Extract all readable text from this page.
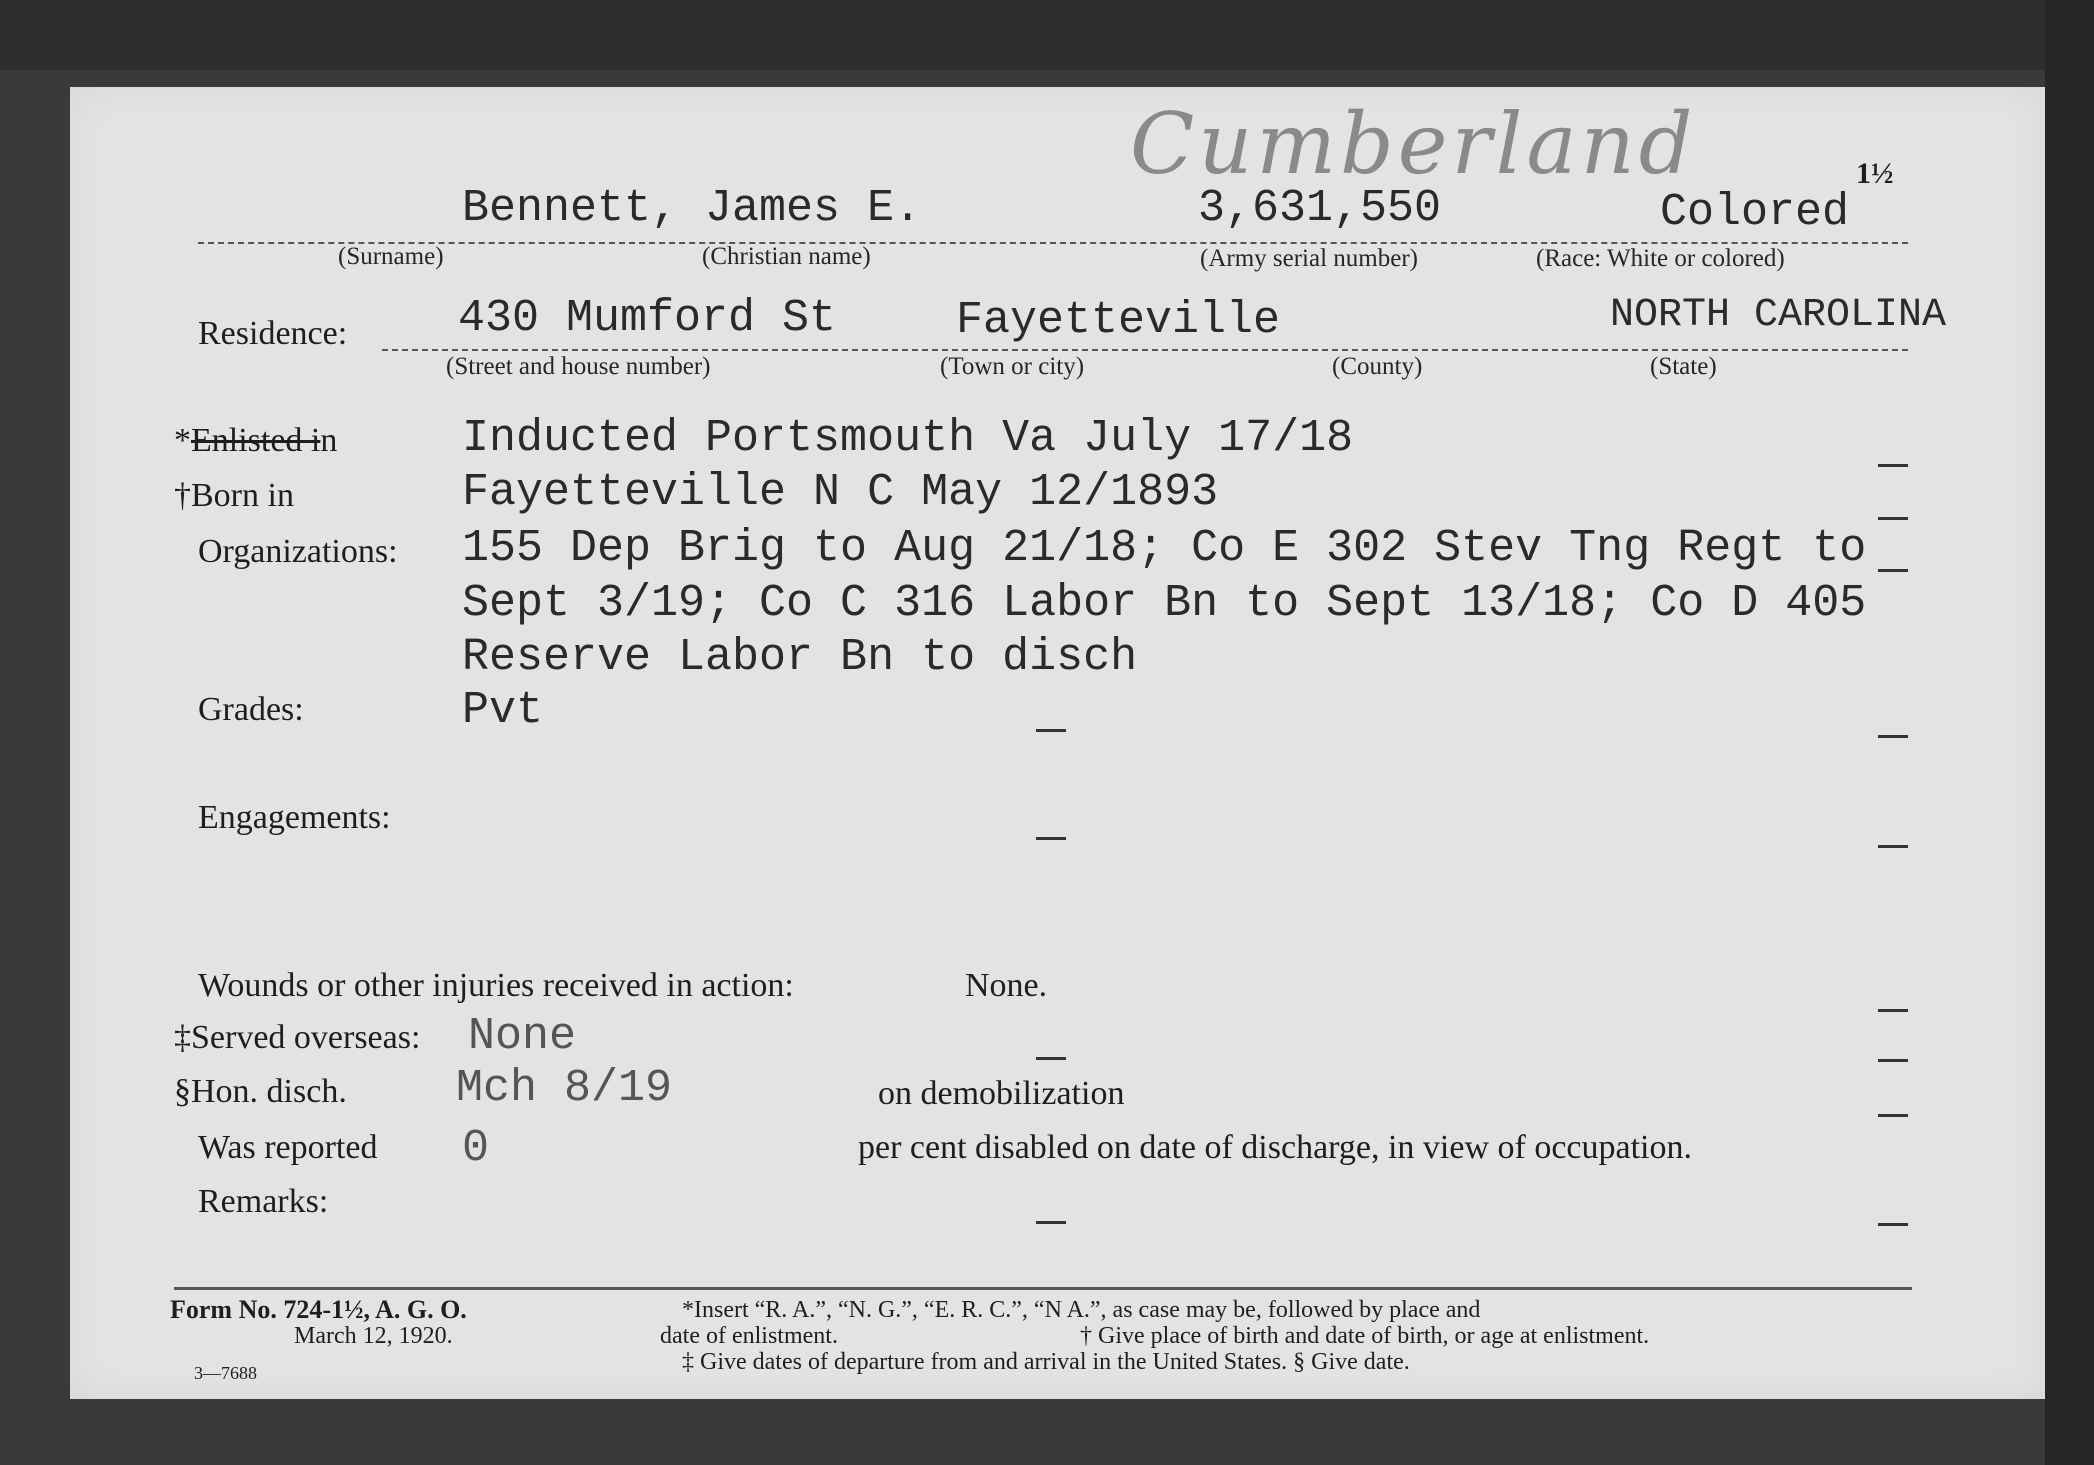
Cumberland	1½
Bennett, James E.	3,631,550	Colored
(Surname)	(Christian name)	(Army serial number)	(Race: White or colored)
Residence: 430 Mumford St	Fayetteville	NORTH CAROLINA
(Street and house number)	(Town or city)	(County)	(State)
*Enlisted in	Inducted Portsmouth Va July 17/18
†Born in	Fayetteville N C May 12/1893
Organizations: 155 Dep Brig to Aug 21/18; Co E 302 Stev Tng Regt to
Sept 3/19; Co C 316 Labor Bn to Sept 13/18; Co D 405
Reserve Labor Bn to disch
Grades:	Pvt
Engagements:
Wounds or other injuries received in action:	None.
‡Served overseas: None
§Hon. disch. Mch 8/19	on demobilization
Was reported 0	per cent disabled on date of discharge, in view of occupation.
Remarks:
Form No. 724-1½, A. G. O.
March 12, 1920.
3—7688
*Insert “R. A.”, “N. G.”, “E. R. C.”, “N A.”, as case may be, followed by place and
date of enlistment.	† Give place of birth and date of birth, or age at enlistment.
‡ Give dates of departure from and arrival in the United States. § Give date.
